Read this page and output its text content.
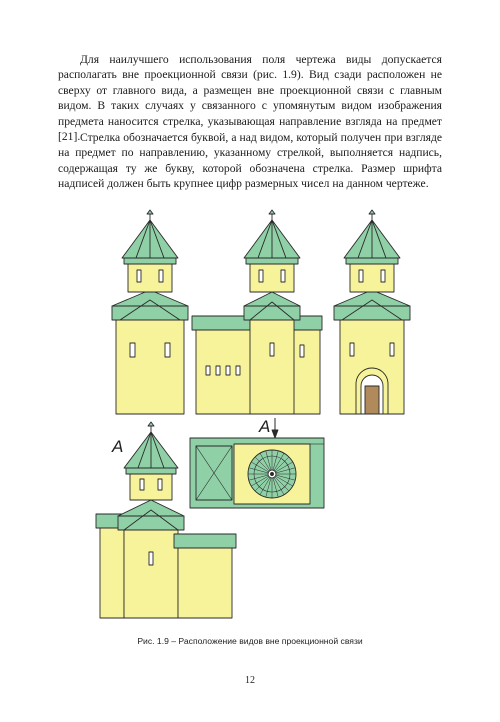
Для наилучшего использования поля чертежа виды допускается располагать вне проекционной связи (рис. 1.9). Вид сзади расположен не сверху от главного вида, а размещен вне проекционной связи с главным видом. В таких случаях у связанного с упомянутым видом изображения предмета наносится стрелка, указывающая направление взгляда на предмет [21]. Стрелка обозначается буквой, а над видом, который получен при взгляде на предмет по направлению, указанному стрелкой, выполняется надпись, содержащая ту же букву, которой обозначена стрелка. Размер шрифта надписей должен быть крупнее цифр размерных чисел на данном чертеже.

A
A
Рис. 1.9 – Расположение видов вне проекционной связи
12
